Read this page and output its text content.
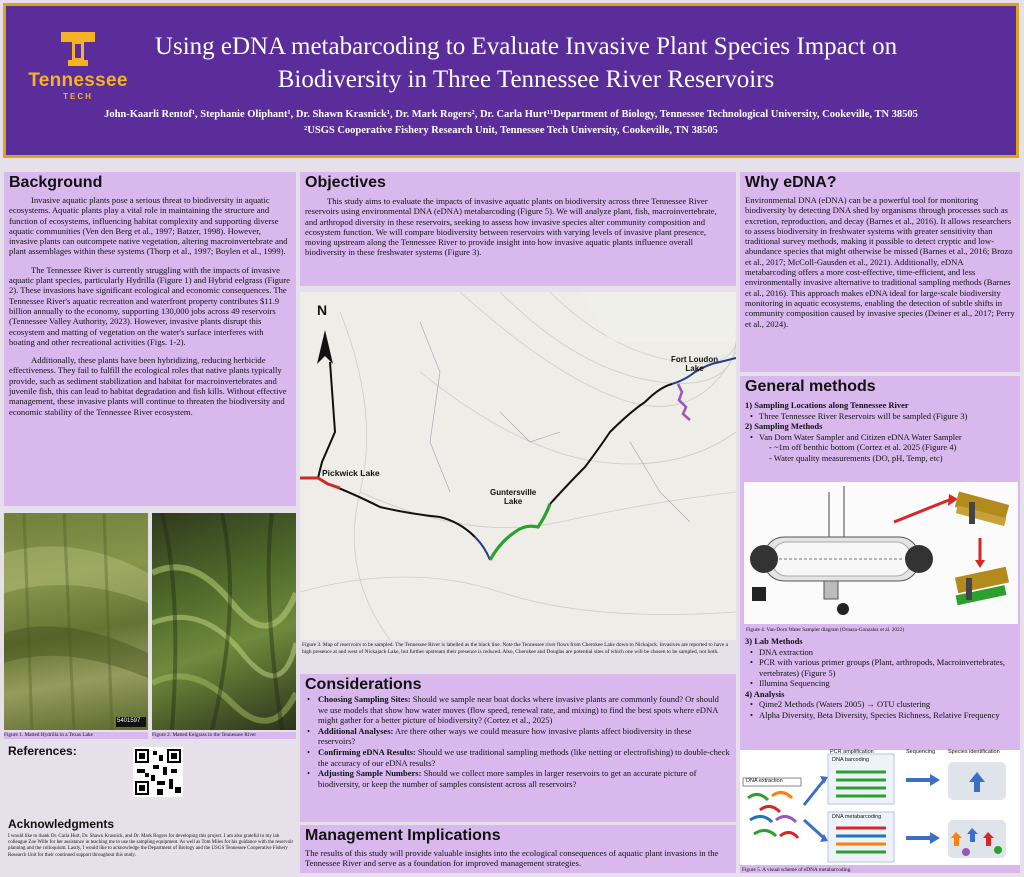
Tennessee
TECH
Using eDNA metabarcoding to Evaluate Invasive Plant Species Impact on
Biodiversity in Three Tennessee River Reservoirs
John-Kaarli Rentof¹, Stephanie Oliphant¹, Dr. Shawn Krasnick¹, Dr. Mark Rogers², Dr. Carla Hurt¹¹Department of Biology, Tennessee Technological University, Cookeville, TN 38505
²USGS Cooperative Fishery Research Unit, Tennessee Tech University, Cookeville, TN 38505
Background

Invasive aquatic plants pose a serious threat to biodiversity in aquatic ecosystems. Aquatic plants play a vital role in maintaining the structure and function of ecosystems, influencing habitat complexity and supporting diverse aquatic communities (Ven den Berg et al., 1997; Batzer, 1998). However, invasive plants can outcompete native vegetation, altering macroinvertebrate and plant assemblages within these systems (Thorp et al., 1997; Boylen et al., 1999).

The Tennessee River is currently struggling with the impacts of invasive aquatic plant species, particularly Hydrilla (Figure 1) and Hybrid eelgrass (Figure 2). These invasions have significant ecological and economic consequences. The Tennessee River's aquatic recreation and waterfront property contributes $11.9 billion annually to the economy, supporting 130,000 jobs across 49 reservoirs (Tennessee Valley Authority, 2023). However, invasive plants disrupt this ecosystem and matting of vegetation on the water's surface interferes with boating and other recreational activities (Figs. 1-2).

Additionally, these plants have been hybridizing, reducing herbicide effectiveness. They fail to fulfill the ecological roles that native plants typically provide, such as sediment stabilization and habitat for macroinvertebrates and juvenile fish, this can lead to habitat degradation and fish kills. Without effective management, these invasive plants will continue to threaten the biodiversity and economic stability of the Tennessee River ecosystem.

5401597
Figure 1. Matted Hydrilla in a Texas Lake	Figure 2. Matted Eelgrass in the Tennessee River
References:
Acknowledgments
I would like to thank Dr. Carla Hurt, Dr. Shawn Krasnick, and Dr. Mark Rogers for developing this project. I am also grateful to my lab colleague Zoe Wille for her assistance in teaching me to use the sampling equipment. As well as Tom Miles for his guidance with the reservoir planning and the colloquium. Lastly, I would like to acknowledge the Department of Biology and the USGS Tennessee Cooperative Fishery Research Unit for their continued support throughout this study.
Objectives

This study aims to evaluate the impacts of invasive aquatic plants on biodiversity across three Tennessee River reservoirs using environmental DNA (eDNA) metabarcoding (Figure 5). We will analyze plant, fish, macroinvertebrate, and arthropod diversity in these reservoirs, seeking to assess how invasive species alter community composition and ecosystem function. We will compare biodiversity between reservoirs with varying levels of invasive plant presence, moving upstream along the Tennessee River to provide insight into how invasive aquatic plants influence overall biodiversity in these freshwater systems (Figure 3).

N
Fort Loudon
Lake
Pickwick Lake
Guntersville
Lake
Figure 3. Map of reservoirs to be sampled. The Tennessee River is labelled as the black line. Note the Tennessee river flows from Cherokee Lake down to Nickajack. Invasives are reported to have a high presence at and west of Nickajack Lake, but further upstream their presence is reduced. Also, Cherokee and Douglas are potential sites of which one will be chosen to be sampled, not both.
Considerations
• Choosing Sampling Sites: Should we sample near boat docks where invasive plants are commonly found? Or should we use models that show how water moves (flow speed, renewal rate, and mixing) to find the best spots where eDNA might gather for a better picture of biodiversity? (Cortez et al., 2025)
• Additional Analyses: Are there other ways we could measure how invasive plants affect biodiversity in these reservoirs?
• Confirming eDNA Results: Should we use traditional sampling methods (like netting or electrofishing) to double-check the accuracy of our eDNA results?
• Adjusting Sample Numbers: Should we collect more samples in larger reservoirs to get an accurate picture of biodiversity, or keep the number of samples consistent across all reservoirs?
Management Implications

The results of this study will provide valuable insights into the ecological consequences of aquatic plant invasions in the Tennessee River and serve as a foundation for improved management strategies.

Why eDNA?

Environmental DNA (eDNA) can be a powerful tool for monitoring biodiversity by detecting DNA shed by organisms through processes such as excretion, reproduction, and decay (Barnes et al., 2016). It allows researchers to assess biodiversity in freshwater systems with greater sensitivity than traditional survey methods, making it possible to detect cryptic and low-abundance species that might otherwise be missed (Barnes et al., 2016; Brozo et al., 2017; McColl-Gausden et al., 2021). Additionally, eDNA metabarcoding offers a more cost-effective, time-efficient, and less environmentally invasive alternative to traditional sampling methods (Barnes et al., 2016). This approach makes eDNA ideal for large-scale biodiversity monitoring in aquatic ecosystems, enabling the detection of subtle shifts in community composition caused by invasive species (Deiner et al., 2017; Perry et al., 2024).

General methods
1) Sampling Locations along Tennessee River
• Three Tennessee River Reservoirs will be sampled (Figure 3)
2) Sampling Methods
• Van Dorn Water Sampler and Citizen eDNA Water Sampler
- ~1m off benthic bottom (Cortez et al. 2025 (Figure 4)
- Water quality measurements (DO, pH, Temp, etc)
Figure 4. Van-Dorn Water Sampler diagram (Ornaza-Gonzalez et al. 2022)
3) Lab Methods
• DNA extraction
• PCR with various primer groups (Plant, arthropods, Macroinvertebrates, vertebrates) (Figure 5)
• Illumina Sequencing
4) Analysis
• Qime2 Methods (Waters 2005) → OTU clustering
• Alpha Diversity, Beta Diversity, Species Richness, Relative Frequency
DNA extraction
PCR amplification	Sequencing Species identification
DNA barcoding
DNA metabarcoding
Figure 5. A visual scheme of eDNA metabarcoding.
